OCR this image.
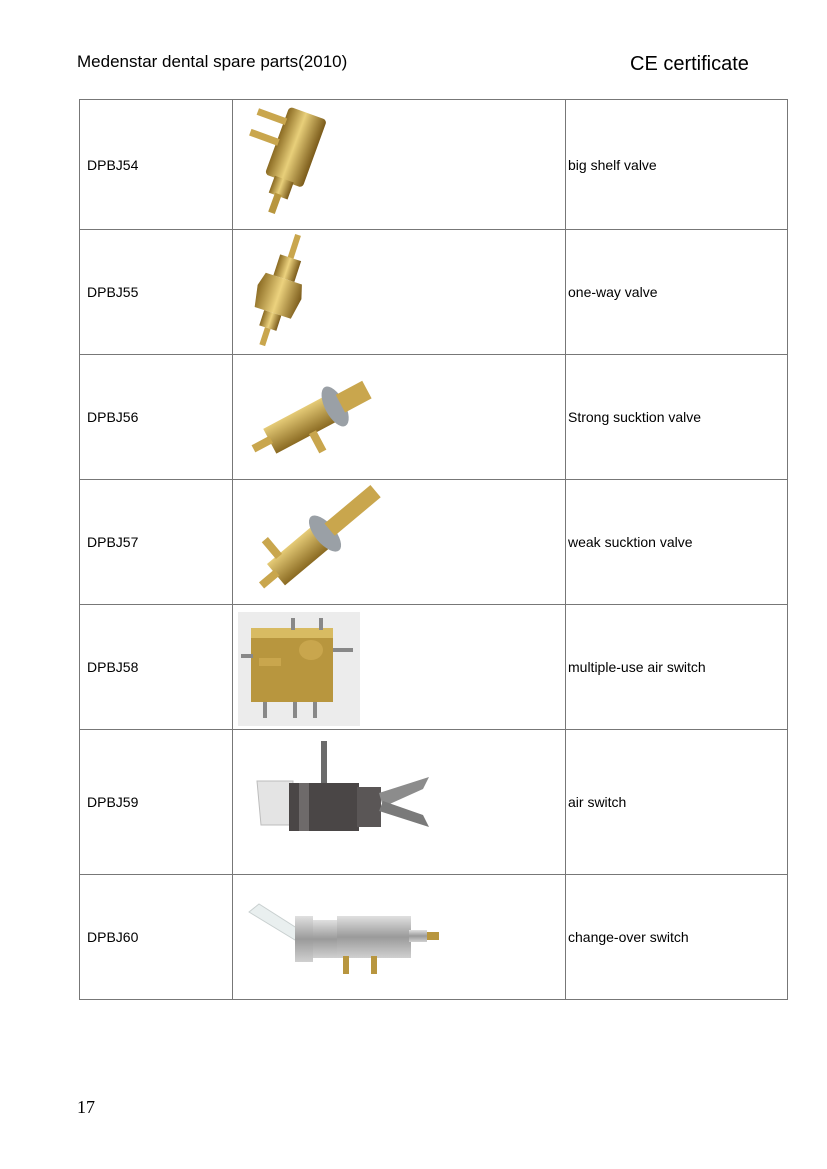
Medenstar dental spare parts(2010)	CE certificate
DPBJ54		big shelf valve
DPBJ55		one-way valve
DPBJ56		Strong sucktion valve
DPBJ57		weak sucktion valve
DPBJ58		multiple-use air switch
DPBJ59		air switch
DPBJ60		change-over switch
17
